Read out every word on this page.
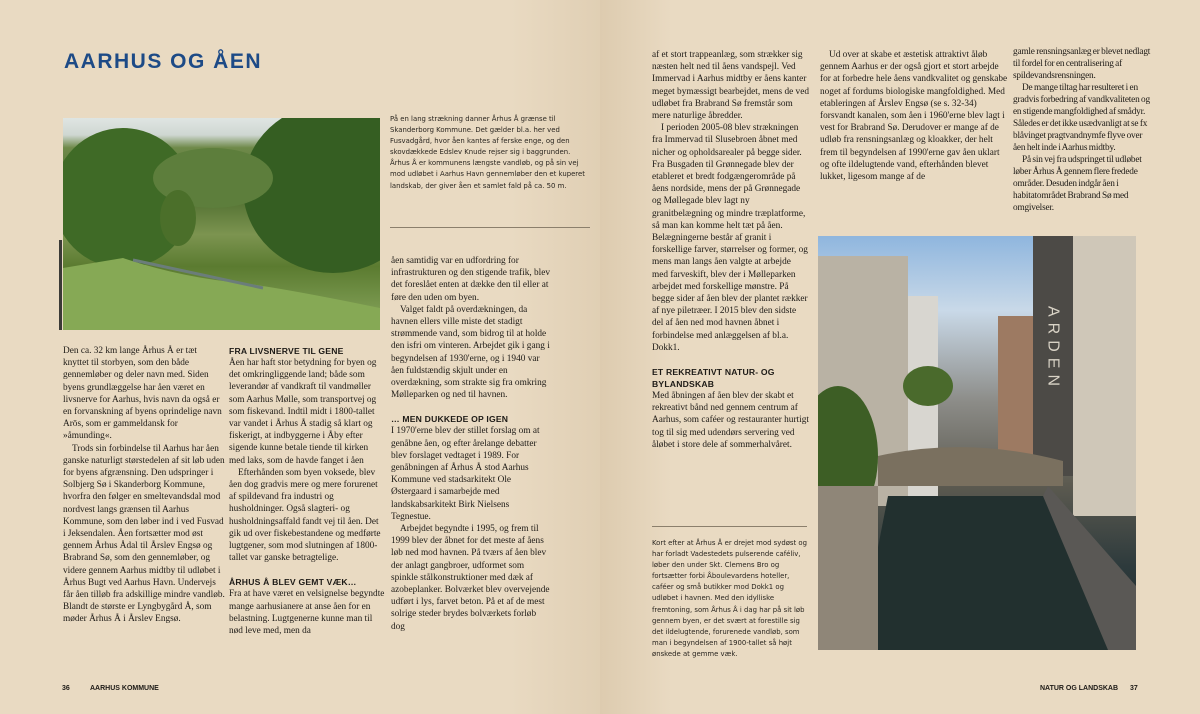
AARHUS OG ÅEN
På en lang strækning danner Århus Å grænse til Skanderborg Kommune. Det gælder bl.a. her ved Fusvadgård, hvor åen kantes af ferske enge, og den skovdækkede Edslev Knude rejser sig i baggrunden. Århus Å er kommunens længste vandløb, og på sin vej mod udløbet i Aarhus Havn gennemløber den et kuperet landskab, der giver åen et samlet fald på ca. 50 m.

Den ca. 32 km lange Århus Å er tæt knyttet til storbyen, som den både gennemløber og deler navn med. Siden byens grundlæggelse har åen været en livsnerve for Aarhus, hvis navn da også er en forvanskning af byens oprindelige navn Arōs, som er gammeldansk for »åmunding«.

Trods sin forbindelse til Aarhus har åen ganske naturligt størstedelen af sit løb uden for byens afgrænsning. Den udspringer i Solbjerg Sø i Skanderborg Kommune, hvorfra den følger en smeltevandsdal mod nordvest langs grænsen til Aarhus Kommune, som den løber ind i ved Fusvad i Jeksendalen. Åen fortsætter mod øst gennem Århus Ådal til Årslev Engsø og Brabrand Sø, som den gennemløber, og videre gennem Aarhus midtby til udløbet i Århus Bugt ved Aarhus Havn. Undervejs får åen tilløb fra adskillige mindre vandløb. Blandt de største er Lyngbygård Å, som møder Århus Å i Årslev Engsø.

FRA LIVSNERVE TIL GENE

Åen har haft stor betydning for byen og det omkringliggende land; både som leverandør af vandkraft til vandmøller som Aarhus Mølle, som transportvej og som fiskevand. Indtil midt i 1800-tallet var vandet i Århus Å stadig så klart og fiskerigt, at indbyggerne i Åby efter sigende kunne betale tiende til kirken med laks, som de havde fanget i åen

Efterhånden som byen voksede, blev åen dog gradvis mere og mere forurenet af spildevand fra industri og husholdninger. Også slagteri- og husholdningsaffald fandt vej til åen. Det gik ud over fiskebestandene og medførte lugtgener, som mod slutningen af 1800-tallet var ganske betragtelige.

ÅRHUS Å BLEV GEMT VÆK…

Fra at have været en velsignelse begyndte mange aarhusianere at anse åen for en belastning. Lugtgenerne kunne man til nød leve med, men da

åen samtidig var en udfordring for infrastrukturen og den stigende trafik, blev det foreslået enten at dække den til eller at føre den uden om byen.

Valget faldt på overdækningen, da havnen ellers ville miste det stadigt strømmende vand, som bidrog til at holde den isfri om vinteren. Arbejdet gik i gang i begyndelsen af 1930'erne, og i 1940 var åen fuldstændig skjult under en overdækning, som strakte sig fra omkring Mølleparken og ned til havnen.

… MEN DUKKEDE OP IGEN

I 1970'erne blev der stillet forslag om at genåbne åen, og efter årelange debatter blev forslaget vedtaget i 1989. For genåbningen af Århus Å stod Aarhus Kommune ved stadsarkitekt Ole Østergaard i samarbejde med landskabsarkitekt Birk Nielsens Tegnestue.

Arbejdet begyndte i 1995, og frem til 1999 blev der åbnet for det meste af åens løb ned mod havnen. På tværs af åen blev der anlagt gangbroer, udformet som spinkle stålkonstruktioner med dæk af azobeplanker. Bolværket blev overvejende udført i lys, farvet beton. På et af de mest solrige steder brydes bolværkets forløb dog

36	AARHUS KOMMUNE

af et stort trappeanlæg, som strækker sig næsten helt ned til åens vandspejl. Ved Immervad i Aarhus midtby er åens kanter meget bymæssigt bearbejdet, mens de ved udløbet fra Brabrand Sø fremstår som mere naturlige åbredder.

I perioden 2005-08 blev strækningen fra Immervad til Slusebroen åbnet med nicher og opholdsarealer på begge sider. Fra Busgaden til Grønnegade blev der etableret et bredt fodgængerområde på åens nordside, mens der på Grønnegade og Møllegade blev lagt ny granitbelægning og mindre træplatforme, så man kan komme helt tæt på åen. Belægningerne består af granit i forskellige farver, størrelser og former, og mens man langs åen valgte at arbejde med farveskift, blev der i Mølleparken arbejdet med forskellige mønstre. På begge sider af åen blev der plantet rækker af nye piletræer. I 2015 blev den sidste del af åen ned mod havnen åbnet i forbindelse med anlæggelsen af bl.a. Dokk1.

ET REKREATIVT NATUR- OG BYLANDSKAB

Med åbningen af åen blev der skabt et rekreativt bånd ned gennem centrum af Aarhus, som caféer og restauranter hurtigt tog til sig med udendørs servering ved åløbet i store dele af sommerhalvåret.

Ud over at skabe et æstetisk attraktivt åløb gennem Aarhus er der også gjort et stort arbejde for at forbedre hele åens vandkvalitet og genskabe noget af fordums biologiske mangfoldighed. Med etableringen af Årslev Engsø (se s. 32-34) forsvandt kanalen, som åen i 1960'erne blev lagt i vest for Brabrand Sø. Derudover er mange af de udløb fra rensningsanlæg og kloakker, der helt frem til begyndelsen af 1990'erne gav åen uklart og ofte ildelugtende vand, efterhånden blevet lukket, ligesom mange af de

gamle rensningsanlæg er blevet nedlagt til fordel for en centralisering af spildevandsrensningen.

De mange tiltag har resulteret i en gradvis forbedring af vandkvaliteten og en stigende mangfoldighed af smådyr. Således er det ikke usædvanligt at se fx blåvinget pragtvandnymfe flyve over åen helt inde i Aarhus midtby.

På sin vej fra udspringet til udløbet løber Århus Å gennem flere fredede områder. Desuden indgår åen i habitatområdet Brabrand Sø med omgivelser.

ARDEN
Kort efter at Århus Å er drejet mod sydøst og har forladt Vadestedets pulserende caféliv, løber den under Skt. Clemens Bro og fortsætter forbi Åboulevardens hoteller, caféer og små butikker mod Dokk1 og udløbet i havnen. Med den idylliske fremtoning, som Århus Å i dag har på sit løb gennem byen, er det svært at forestille sig det ildelugtende, forurenede vandløb, som man i begyndelsen af 1900-tallet så højt ønskede at gemme væk.
NATUR OG LANDSKAB 37
